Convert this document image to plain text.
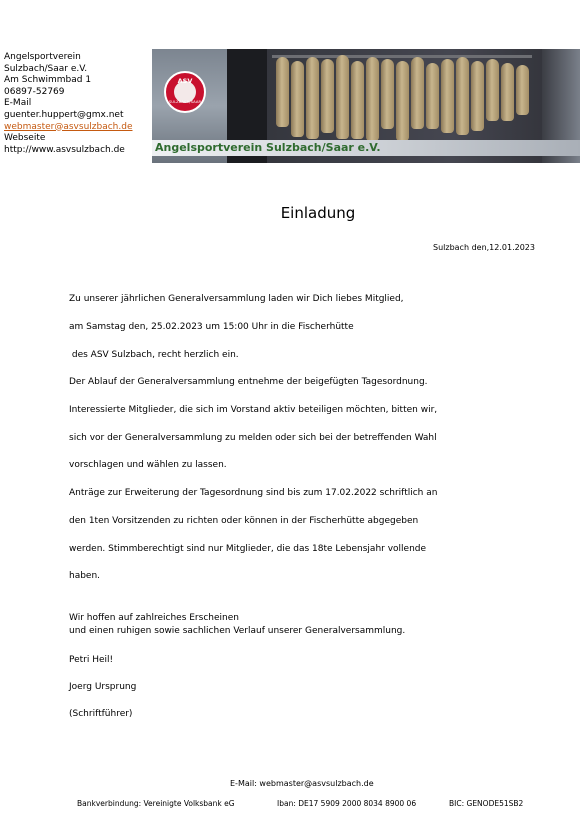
Angelsportverein
Sulzbach/Saar e.V.
Am Schwimmbad 1
06897-52769
E-Mail
guenter.huppert@gmx.net
webmaster@asvsulzbach.de
Webseite
http://www.asvsulzbach.de
ASV
SULZBACH/SAAR
Angelsportverein Sulzbach/Saar e.V.
Einladung
Sulzbach den,12.01.2023
Zu unserer jährlichen Generalversammlung laden wir Dich liebes Mitglied,
am Samstag den, 25.02.2023 um 15:00 Uhr in die Fischerhütte
des ASV Sulzbach, recht herzlich ein.
Der Ablauf der Generalversammlung entnehme der beigefügten Tagesordnung.
Interessierte Mitglieder, die sich im Vorstand aktiv beteiligen möchten, bitten wir,
sich vor der Generalversammlung zu melden oder sich bei der betreffenden Wahl
vorschlagen und wählen zu lassen.
Anträge zur Erweiterung der Tagesordnung sind bis zum 17.02.2022 schriftlich an
den 1ten Vorsitzenden zu richten oder können in der Fischerhütte abgegeben
werden. Stimmberechtigt sind nur Mitglieder, die das 18te Lebensjahr vollende
haben.
Wir hoffen auf zahlreiches Erscheinen
und einen ruhigen sowie sachlichen Verlauf unserer Generalversammlung.
Petri Heil!
Joerg Ursprung
(Schriftführer)
E-Mail: webmaster@asvsulzbach.de
Bankverbindung: Vereinigte Volksbank eG	Iban: DE17 5909 2000 8034 8900 06	BIC: GENODE51SB2
